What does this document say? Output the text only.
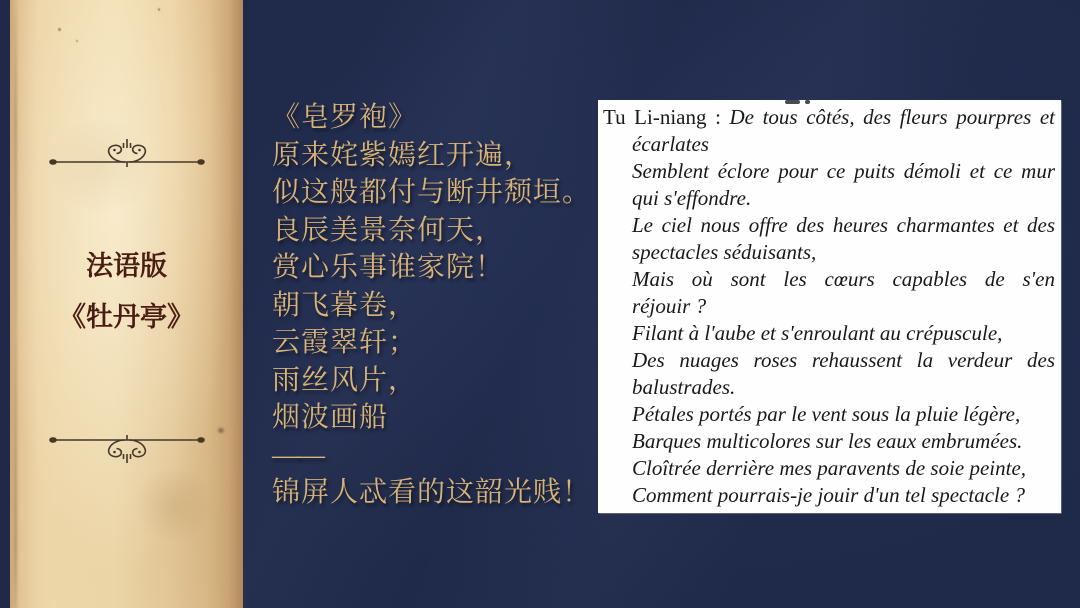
法语版
《牡丹亭》
《皂罗袍》
原来姹紫嫣红开遍，
似这般都付与断井颓垣。
良辰美景奈何天，
赏心乐事谁家院！
朝飞暮卷，
云霞翠轩；
雨丝风片，
烟波画船
——
锦屏人忒看的这韶光贱！
Tu Li-niang : De tous côtés, des fleurs pourpres et
écarlates
Semblent éclore pour ce puits démoli et ce mur
qui s'effondre.
Le ciel nous offre des heures charmantes et des
spectacles séduisants,
Mais où sont les cœurs capables de s'en
réjouir ?
Filant à l'aube et s'enroulant au crépuscule,
Des nuages roses rehaussent la verdeur des
balustrades.
Pétales portés par le vent sous la pluie légère,
Barques multicolores sur les eaux embrumées.
Cloîtrée derrière mes paravents de soie peinte,
Comment pourrais-je jouir d'un tel spectacle ?
